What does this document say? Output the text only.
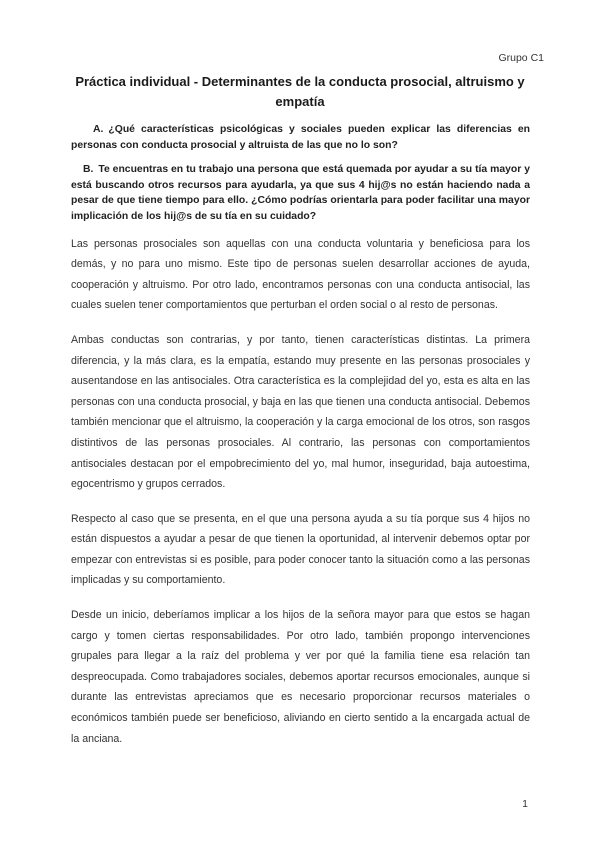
Grupo C1
Práctica individual - Determinantes de la conducta prosocial, altruismo y empatía

A. ¿Qué características psicológicas y sociales pueden explicar las diferencias en personas con conducta prosocial y altruista de las que no lo son?

B. Te encuentras en tu trabajo una persona que está quemada por ayudar a su tía mayor y está buscando otros recursos para ayudarla, ya que sus 4 hij@s no están haciendo nada a pesar de que tiene tiempo para ello. ¿Cómo podrías orientarla para poder facilitar una mayor implicación de los hij@s de su tía en su cuidado?

Las personas prosociales son aquellas con una conducta voluntaria y beneficiosa para los demás, y no para uno mismo. Este tipo de personas suelen desarrollar acciones de ayuda, cooperación y altruismo. Por otro lado, encontramos personas con una conducta antisocial, las cuales suelen tener comportamientos que perturban el orden social o al resto de personas.

Ambas conductas son contrarias, y por tanto, tienen características distintas. La primera diferencia, y la más clara, es la empatía, estando muy presente en las personas prosociales y ausentandose en las antisociales. Otra característica es la complejidad del yo, esta es alta en las personas con una conducta prosocial, y baja en las que tienen una conducta antisocial. Debemos también mencionar que el altruismo, la cooperación y la carga emocional de los otros, son rasgos distintivos de las personas prosociales. Al contrario, las personas con comportamientos antisociales destacan por el empobrecimiento del yo, mal humor, inseguridad, baja autoestima, egocentrismo y grupos cerrados.

Respecto al caso que se presenta, en el que una persona ayuda a su tía porque sus 4 hijos no están dispuestos a ayudar a pesar de que tienen la oportunidad, al intervenir debemos optar por empezar con entrevistas si es posible, para poder conocer tanto la situación como a las personas implicadas y su comportamiento.

Desde un inicio, deberíamos implicar a los hijos de la señora mayor para que estos se hagan cargo y tomen ciertas responsabilidades. Por otro lado, también propongo intervenciones grupales para llegar a la raíz del problema y ver por qué la familia tiene esa relación tan despreocupada. Como trabajadores sociales, debemos aportar recursos emocionales, aunque si durante las entrevistas apreciamos que es necesario proporcionar recursos materiales o económicos también puede ser beneficioso, aliviando en cierto sentido a la encargada actual de la anciana.

1
